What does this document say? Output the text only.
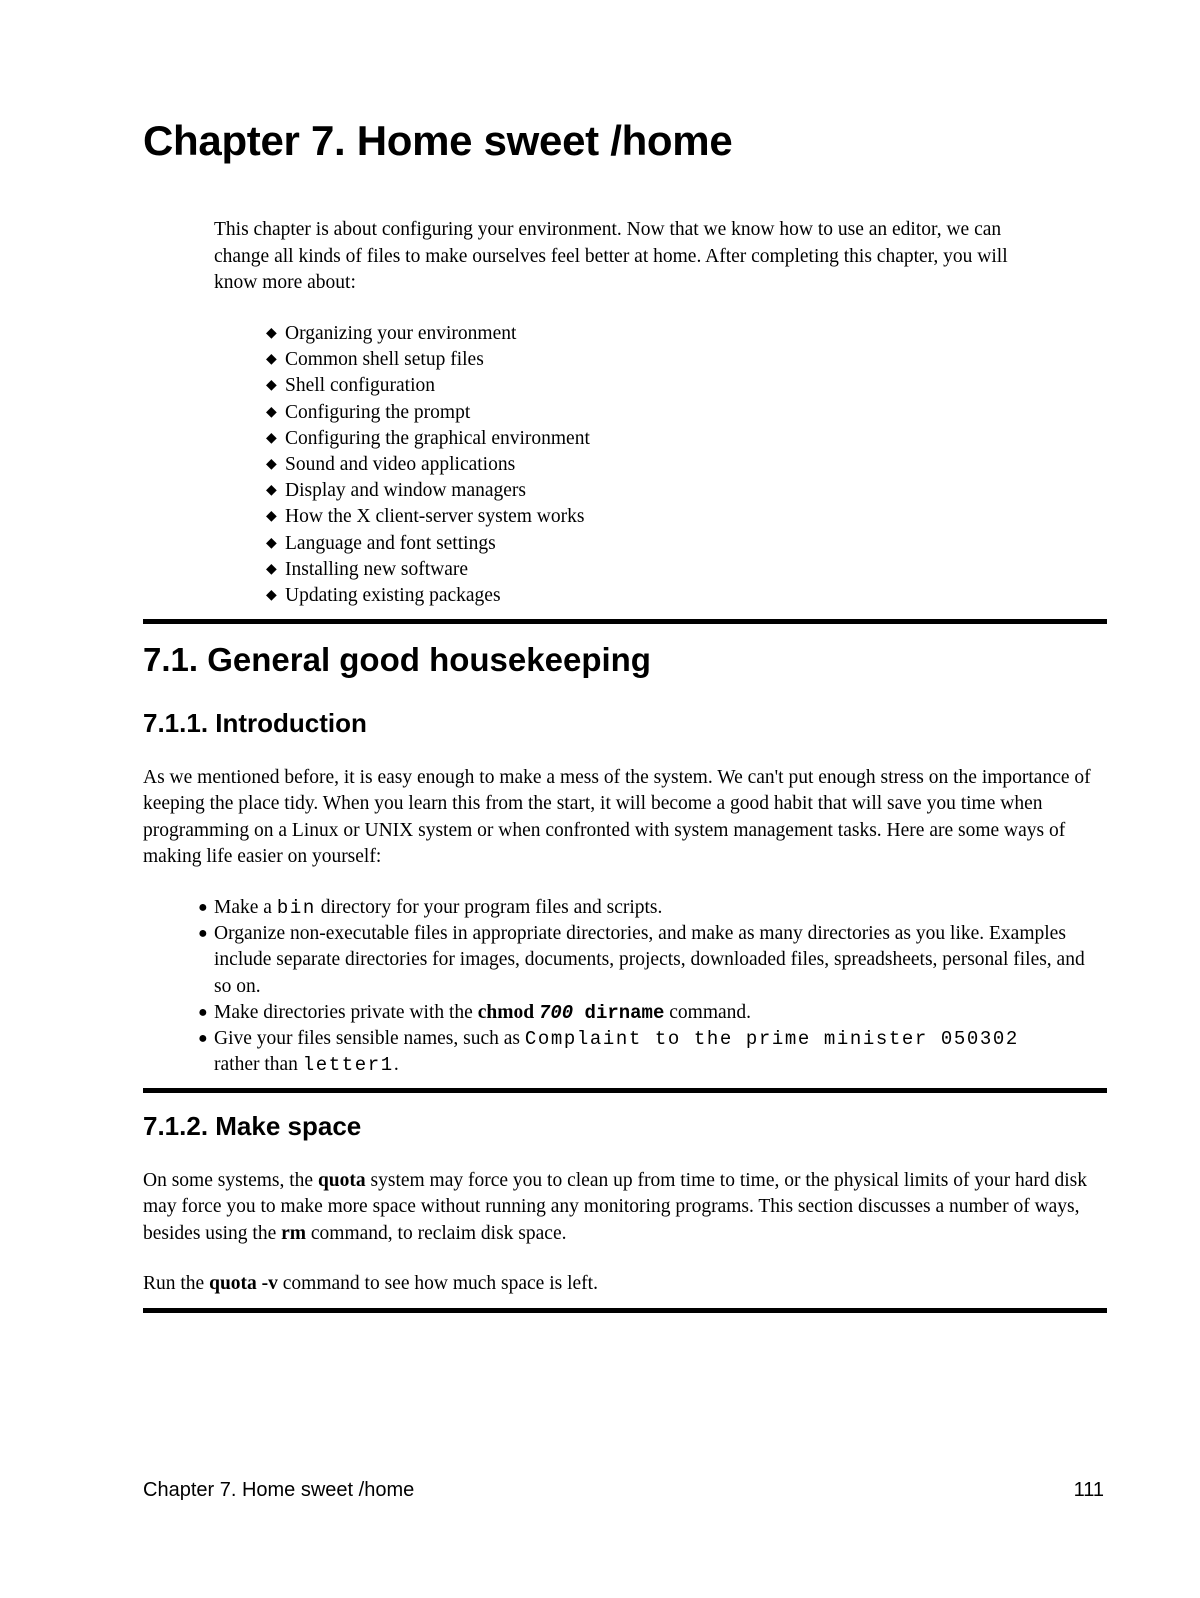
Chapter 7. Home sweet /home

This chapter is about configuring your environment. Now that we know how to use an editor, we can change all kinds of files to make ourselves feel better at home. After completing this chapter, you will know more about:

◆ Organizing your environment
◆ Common shell setup files
◆ Shell configuration
◆ Configuring the prompt
◆ Configuring the graphical environment
◆ Sound and video applications
◆ Display and window managers
◆ How the X client-server system works
◆ Language and font settings
◆ Installing new software
◆ Updating existing packages
7.1. General good housekeeping
7.1.1. Introduction

As we mentioned before, it is easy enough to make a mess of the system. We can't put enough stress on the importance of keeping the place tidy. When you learn this from the start, it will become a good habit that will save you time when programming on a Linux or UNIX system or when confronted with system management tasks. Here are some ways of making life easier on yourself:

● Make a bin directory for your program files and scripts.
● Organize non-executable files in appropriate directories, and make as many directories as you like. Examples include separate directories for images, documents, projects, downloaded files, spreadsheets, personal files, and so on.
● Make directories private with the chmod 700 dirname command.
● Give your files sensible names, such as Complaint to the prime minister 050302
rather than letter1.
7.1.2. Make space

On some systems, the quota system may force you to clean up from time to time, or the physical limits of your hard disk may force you to make more space without running any monitoring programs. This section discusses a number of ways, besides using the rm command, to reclaim disk space.

Run the quota -v command to see how much space is left.

Chapter 7. Home sweet /home	111
